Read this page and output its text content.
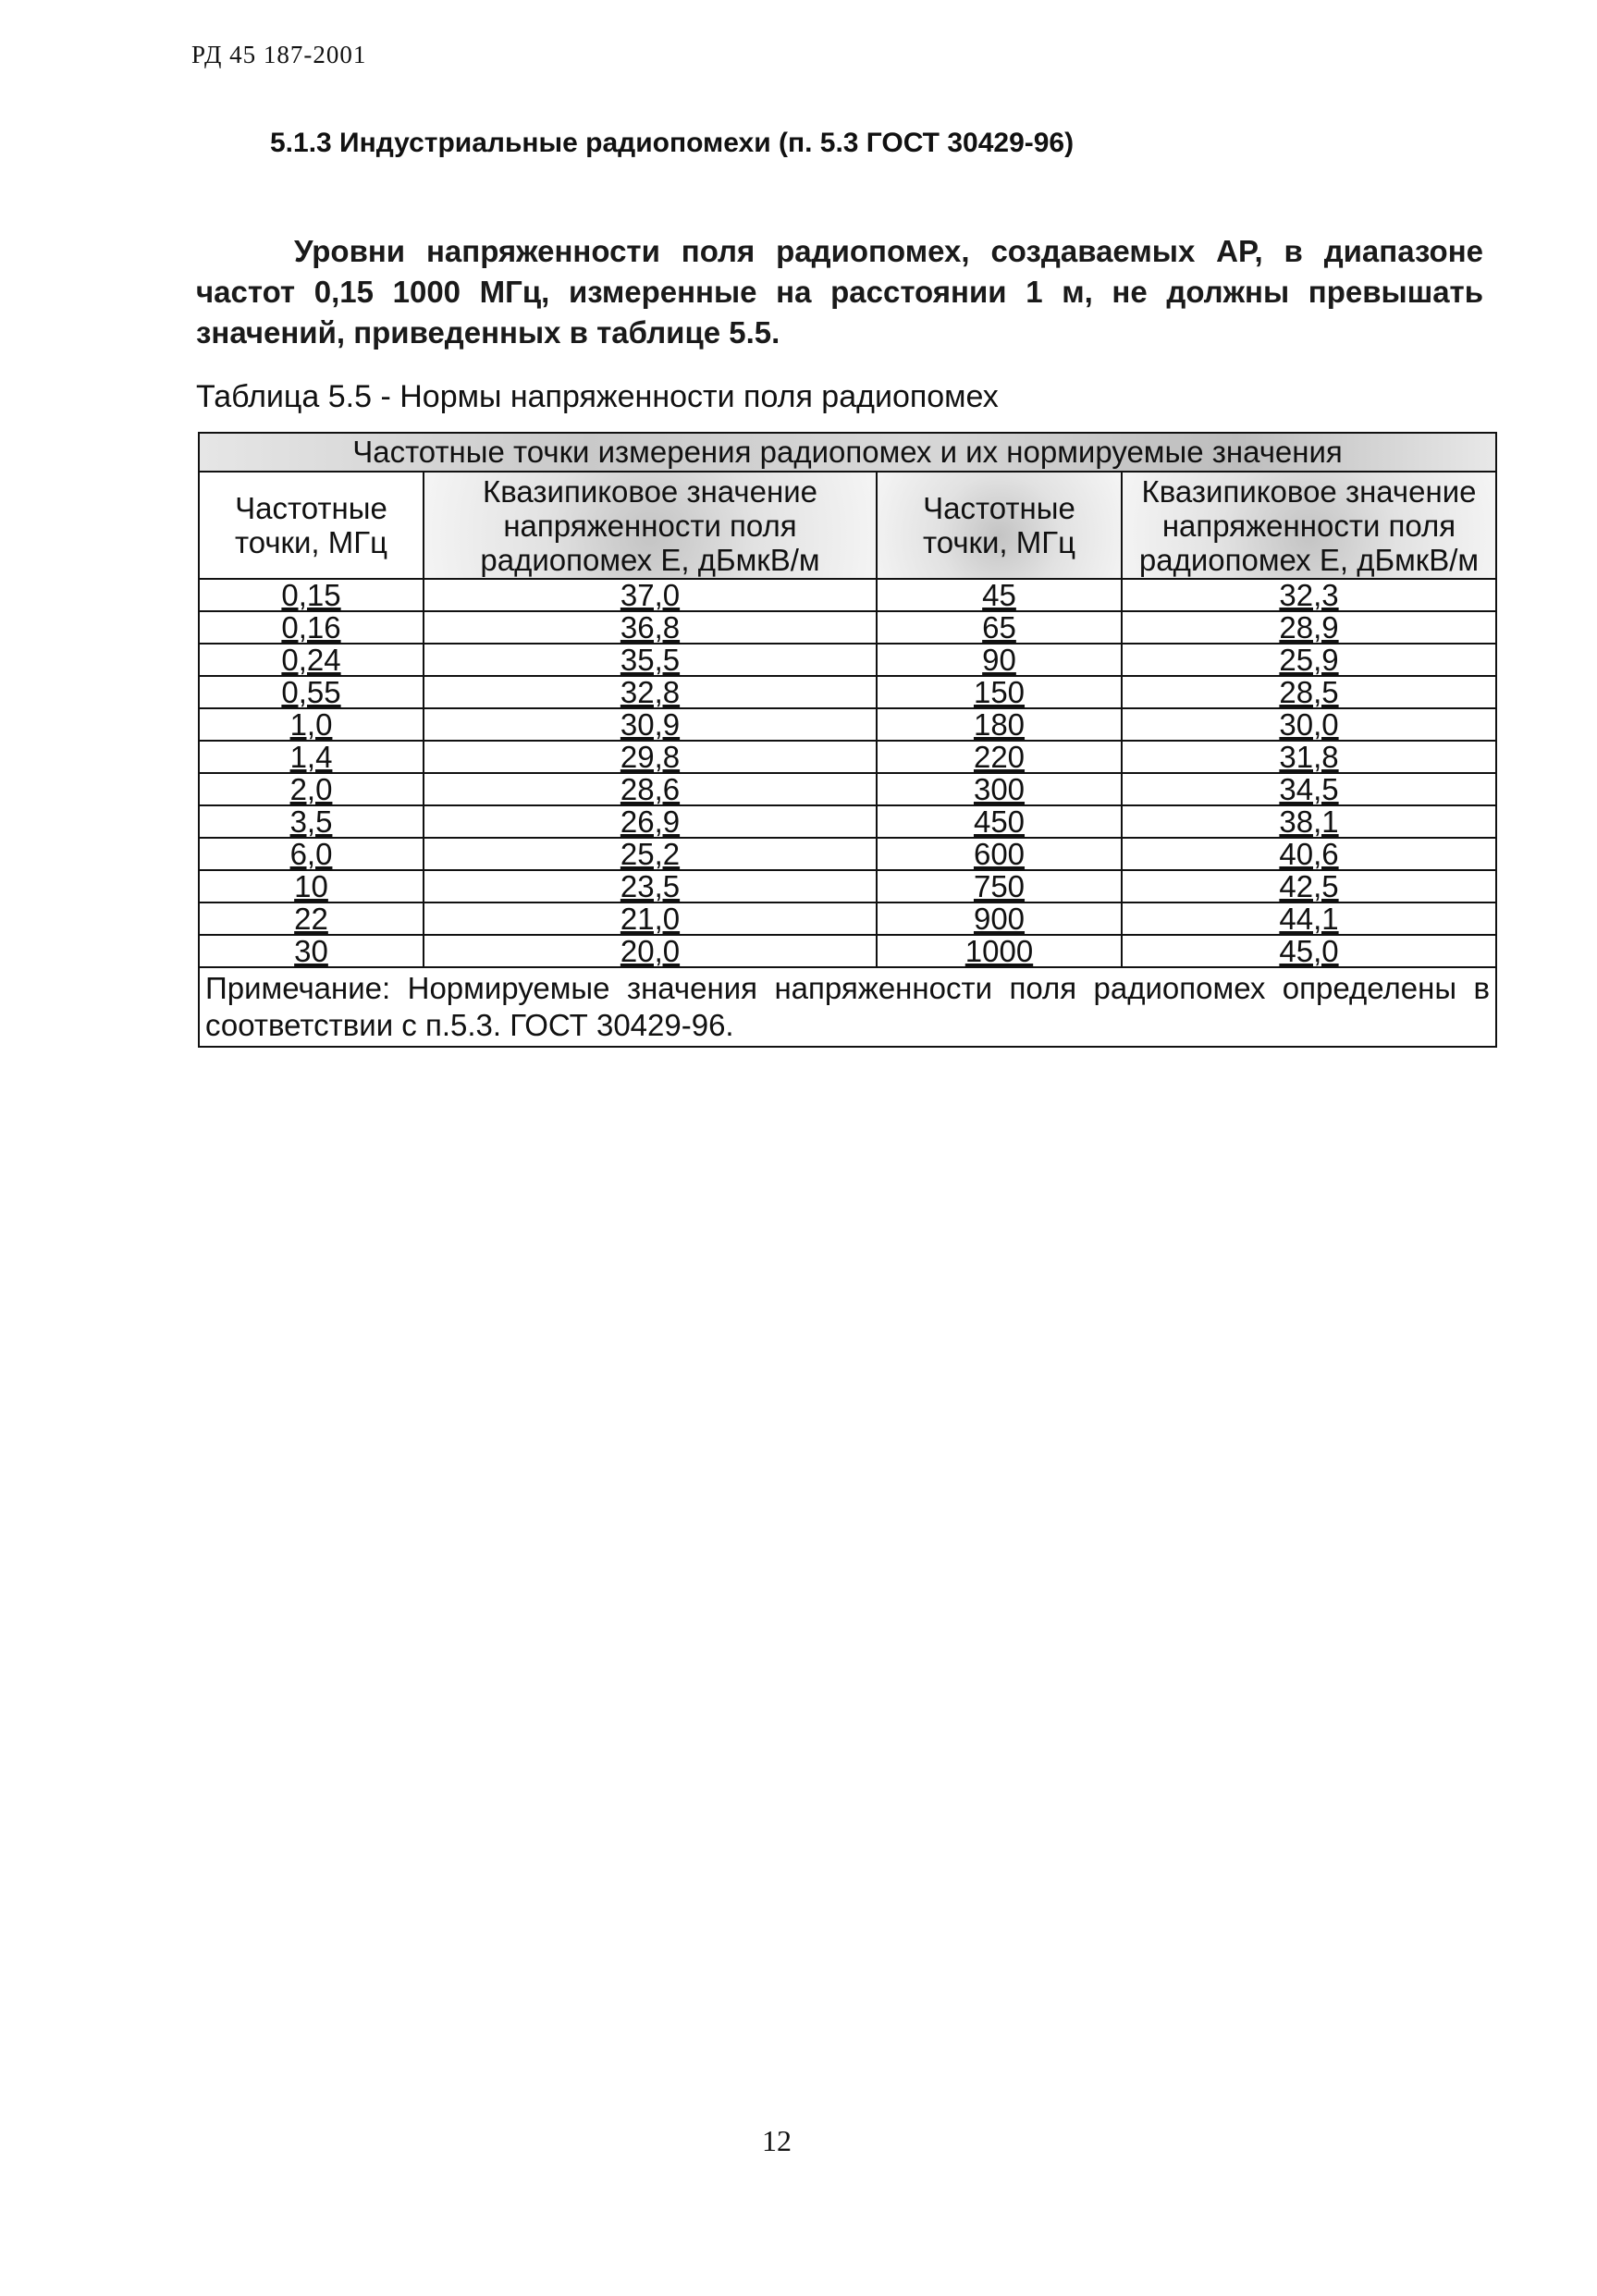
РД 45 187-2001
5.1.3 Индустриальные радиопомехи (п. 5.3 ГОСТ 30429-96)
Уровни напряженности поля радиопомех, создаваемых АР, в диапазоне частот 0,15 1000 МГц, измеренные на расстоянии 1 м, не должны превышать значений, приведенных в таблице 5.5.
Таблица 5.5 - Нормы напряженности поля радиопомех
Частотные точки измерения радиопомех и их нормируемые значения			
Частотные точки, МГц	Квазипиковое значение напряженности поля радиопомех Е, дБмкВ/м	Частотные точки, МГц	Квазипиковое значение напряженности поля радиопомех Е, дБмкВ/м
0,15	37,0	45	32,3
0,16	36,8	65	28,9
0,24	35,5	90	25,9
0,55	32,8	150	28,5
1,0	30,9	180	30,0
1,4	29,8	220	31,8
2,0	28,6	300	34,5
3,5	26,9	450	38,1
6,0	25,2	600	40,6
10	23,5	750	42,5
22	21,0	900	44,1
30	20,0	1000	45,0
Примечание: Нормируемые значения напряженности поля радиопомех определены в соответствии с п.5.3. ГОСТ 30429-96.			
12
